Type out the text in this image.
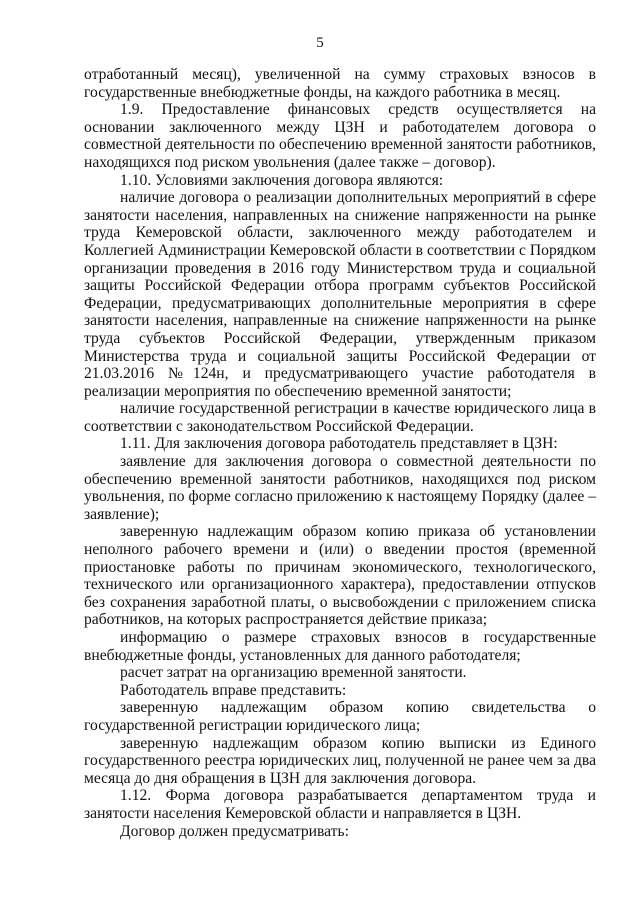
5

отработанный месяц), увеличенной на сумму страховых взносов в государственные внебюджетные фонды, на каждого работника в месяц.

1.9. Предоставление финансовых средств осуществляется на основании заключенного между ЦЗН и работодателем договора о совместной деятельности по обеспечению временной занятости работников, находящихся под риском увольнения (далее также – договор).

1.10. Условиями заключения договора являются:

наличие договора о реализации дополнительных мероприятий в сфере занятости населения, направленных на снижение напряженности на рынке труда Кемеровской области, заключенного между работодателем и Коллегией Администрации Кемеровской области в соответствии с Порядком организации проведения в 2016 году Министерством труда и социальной защиты Российской Федерации отбора программ субъектов Российской Федерации, предусматривающих дополнительные мероприятия в сфере занятости населения, направленные на снижение напряженности на рынке труда субъектов Российской Федерации, утвержденным приказом Министерства труда и социальной защиты Российской Федерации от 21.03.2016 №124н, и предусматривающего участие работодателя в реализации мероприятия по обеспечению временной занятости;

наличие государственной регистрации в качестве юридического лица в соответствии с законодательством Российской Федерации.

1.11. Для заключения договора работодатель представляет в ЦЗН:

заявление для заключения договора о совместной деятельности по обеспечению временной занятости работников, находящихся под риском увольнения, по форме согласно приложению к настоящему Порядку (далее – заявление);

заверенную надлежащим образом копию приказа об установлении неполного рабочего времени и (или) о введении простоя (временной приостановке работы по причинам экономического, технологического, технического или организационного характера), предоставлении отпусков без сохранения заработной платы, о высвобождении с приложением списка работников, на которых распространяется действие приказа;

информацию о размере страховых взносов в государственные внебюджетные фонды, установленных для данного работодателя;

расчет затрат на организацию временной занятости.

Работодатель вправе представить:

заверенную надлежащим образом копию свидетельства о государственной регистрации юридического лица;

заверенную надлежащим образом копию выписки из Единого государственного реестра юридических лиц, полученной не ранее чем за два месяца до дня обращения в ЦЗН для заключения договора.

1.12. Форма договора разрабатывается департаментом труда и занятости населения Кемеровской области и направляется в ЦЗН.

Договор должен предусматривать:
